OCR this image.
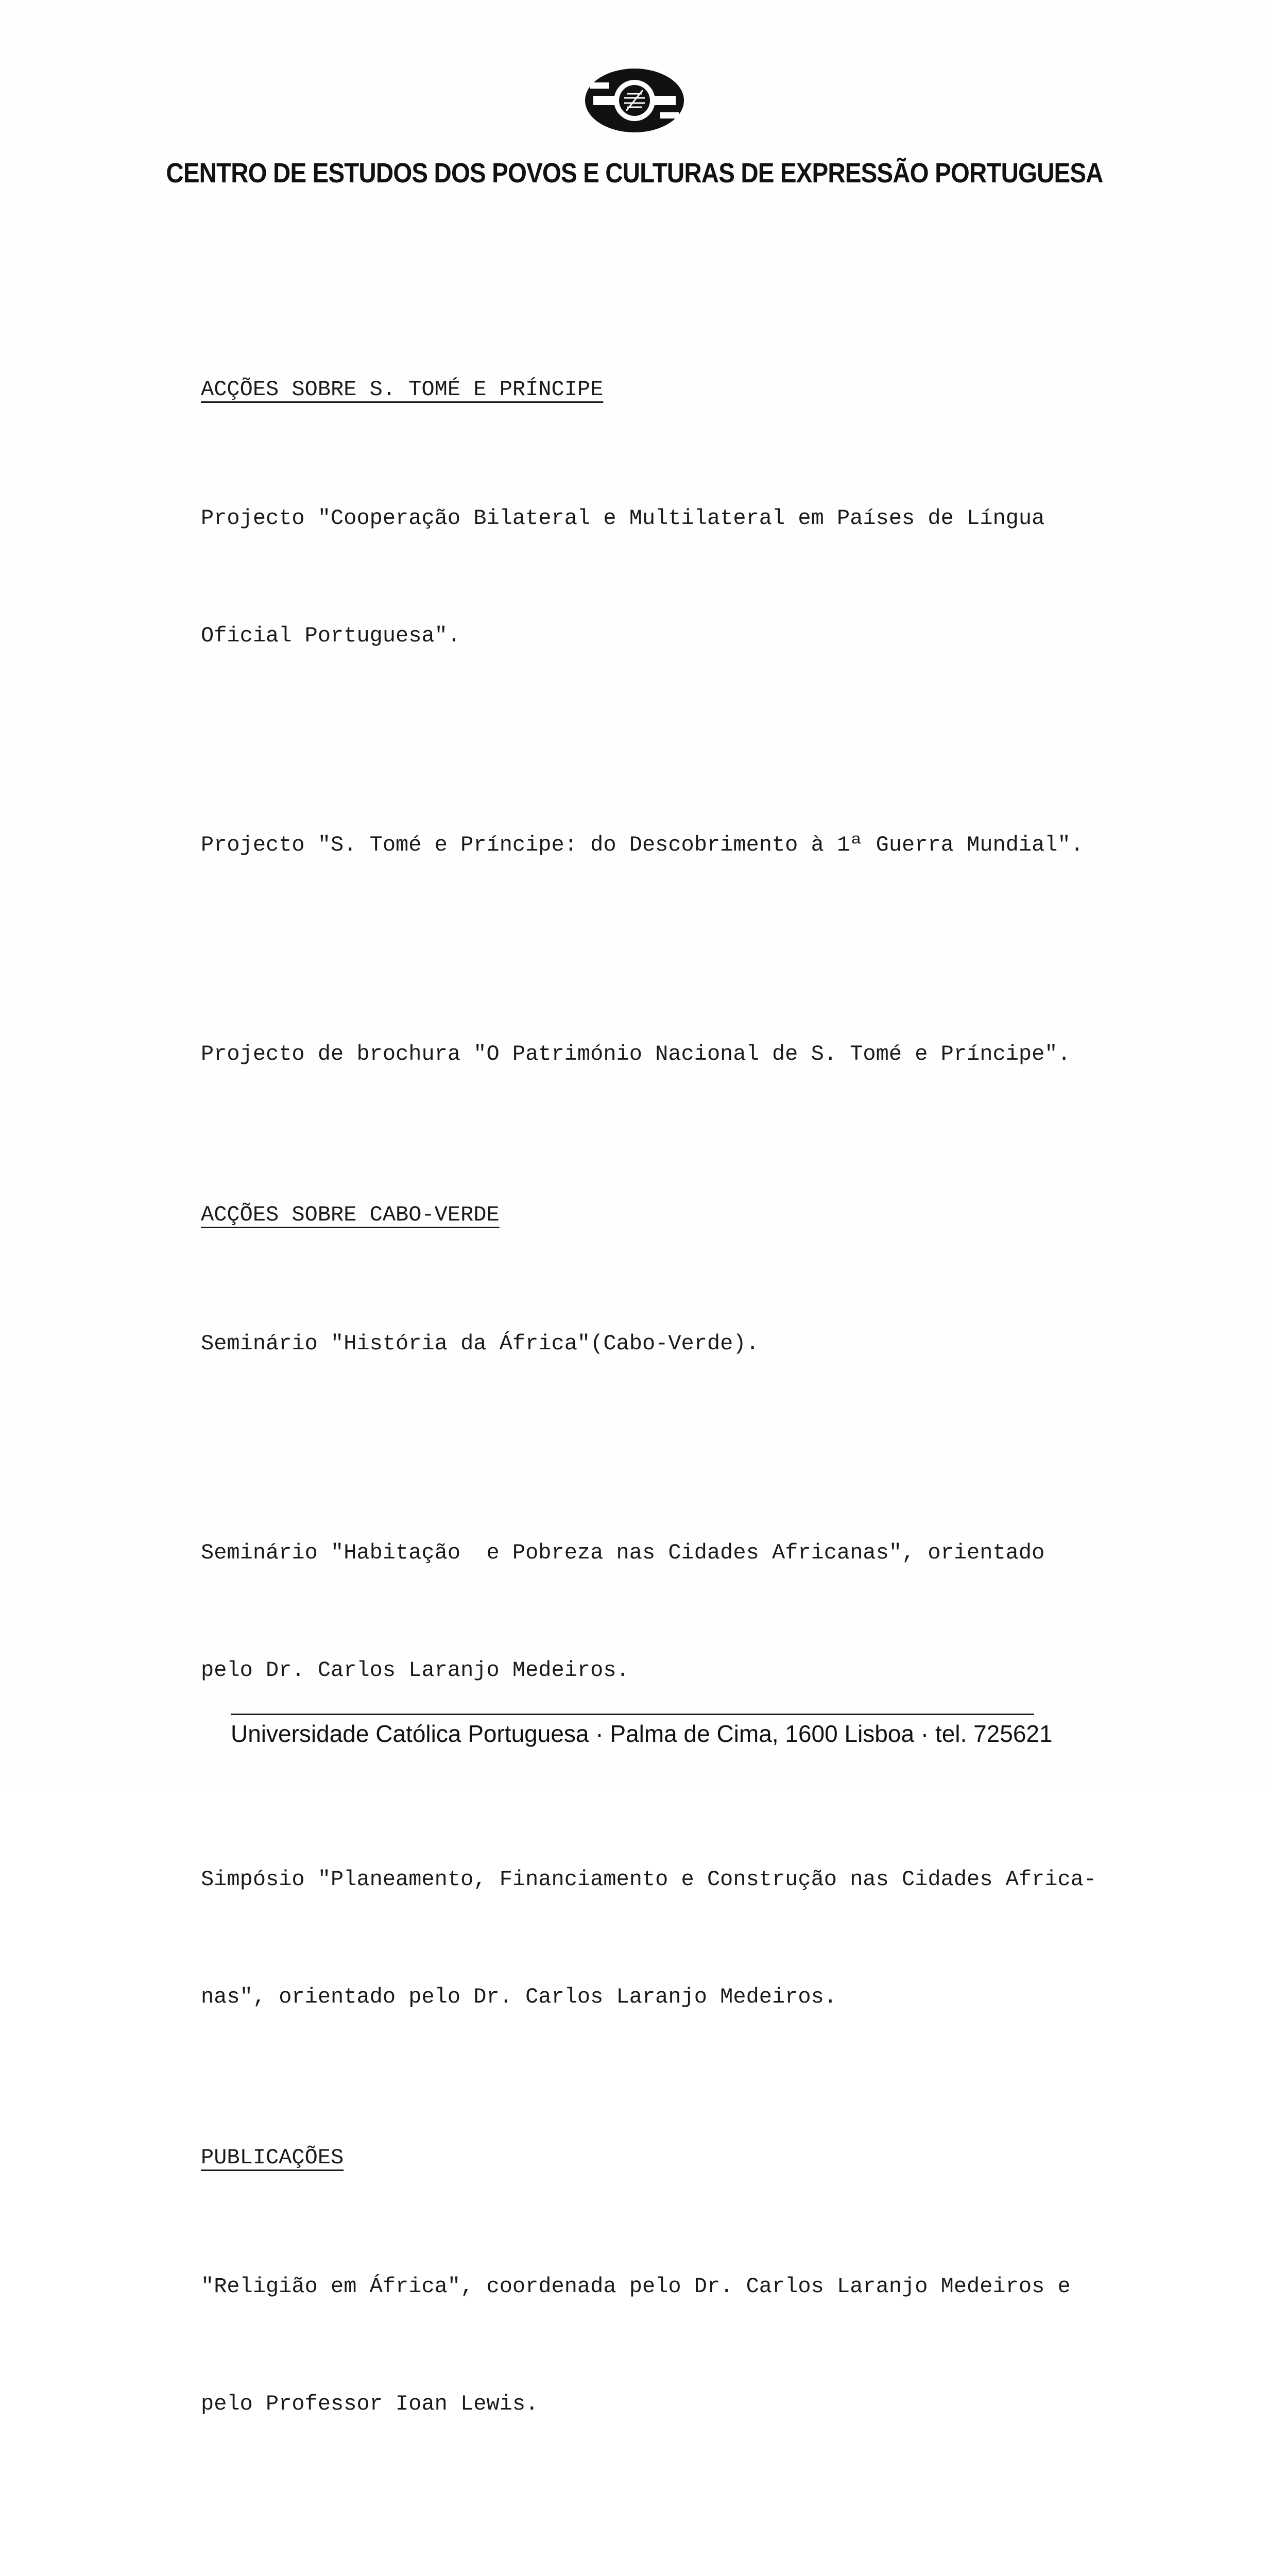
CENTRO DE ESTUDOS DOS POVOS E CULTURAS DE EXPRESSÃO PORTUGUESA
ACÇÕES SOBRE S. TOMÉ E PRÍNCIPE

Projecto "Cooperação Bilateral e Multilateral em Países de Língua

Oficial Portuguesa".

Projecto "S. Tomé e Príncipe: do Descobrimento à 1ª Guerra Mundial".

Projecto de brochura "O Património Nacional de S. Tomé e Príncipe".

ACÇÕES SOBRE CABO-VERDE

Seminário "História da África"(Cabo-Verde).

Seminário "Habitação  e Pobreza nas Cidades Africanas", orientado

pelo Dr. Carlos Laranjo Medeiros.

Simpósio "Planeamento, Financiamento e Construção nas Cidades Africa-

nas", orientado pelo Dr. Carlos Laranjo Medeiros.

PUBLICAÇÕES

"Religião em África", coordenada pelo Dr. Carlos Laranjo Medeiros e

pelo Professor Ioan Lewis.

Universidade Católica Portuguesa · Palma de Cima, 1600 Lisboa · tel. 725621
